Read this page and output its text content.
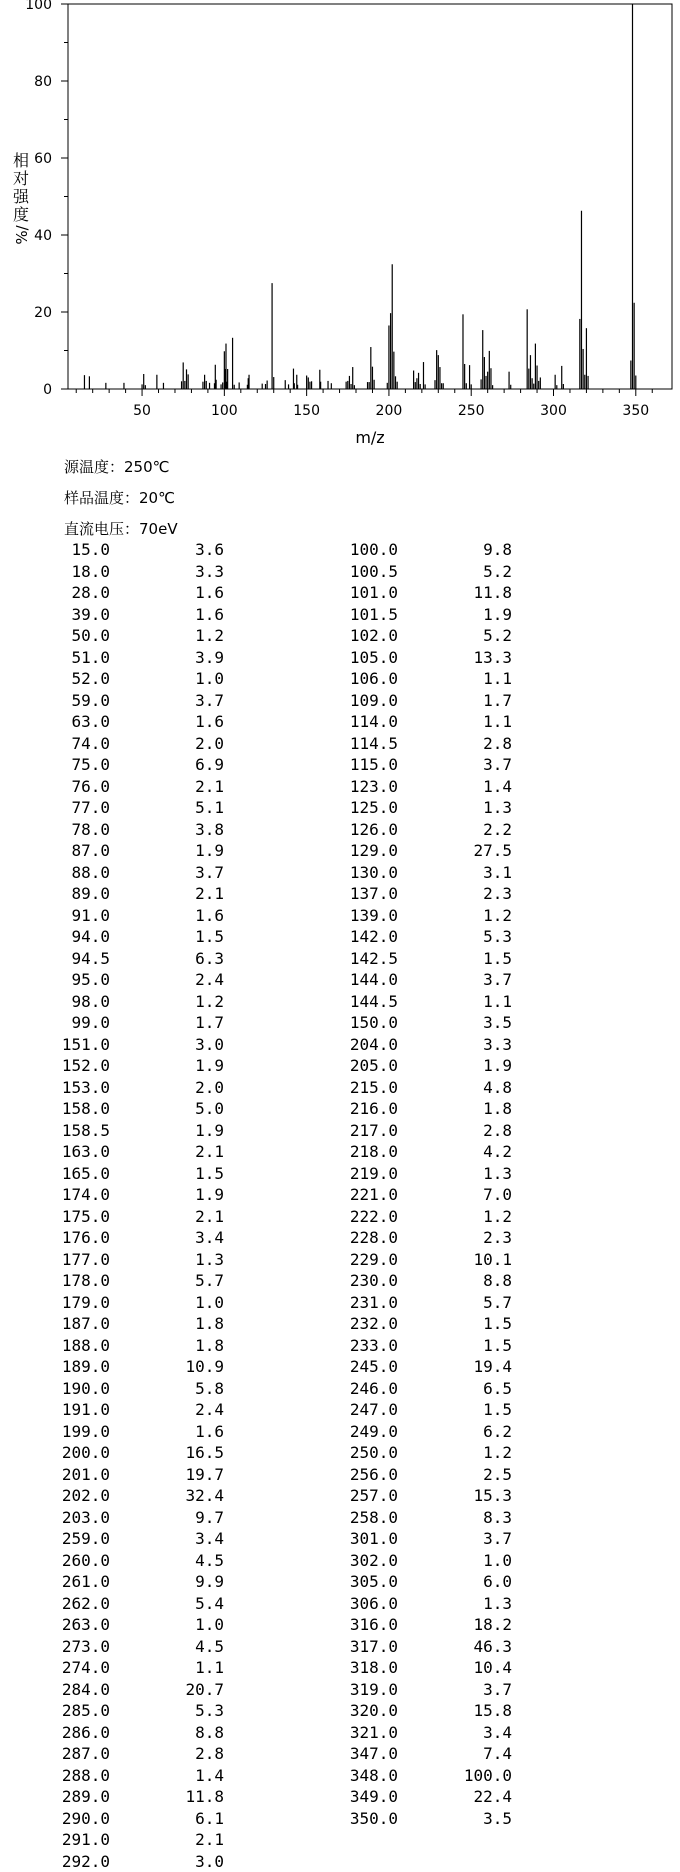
50	100	150	200	250	300	350
0
20
40
60
80
100
m/z
相
对
强
度
%/
源温度：250℃
样品温度：20℃
直流电压：70eV
15.0	3.6
18.0	3.3
28.0	1.6
39.0	1.6
50.0	1.2
51.0	3.9
52.0	1.0
59.0	3.7
63.0	1.6
74.0	2.0
75.0	6.9
76.0	2.1
77.0	5.1
78.0	3.8
87.0	1.9
88.0	3.7
89.0	2.1
91.0	1.6
94.0	1.5
94.5	6.3
95.0	2.4
98.0	1.2
99.0	1.7
151.0	3.0
152.0	1.9
153.0	2.0
158.0	5.0
158.5	1.9
163.0	2.1
165.0	1.5
174.0	1.9
175.0	2.1
176.0	3.4
177.0	1.3
178.0	5.7
179.0	1.0
187.0	1.8
188.0	1.8
189.0	10.9
190.0	5.8
191.0	2.4
199.0	1.6
200.0	16.5
201.0	19.7
202.0	32.4
203.0	9.7
259.0	3.4
260.0	4.5
261.0	9.9
262.0	5.4
263.0	1.0
273.0	4.5
274.0	1.1
284.0	20.7
285.0	5.3
286.0	8.8
287.0	2.8
288.0	1.4
289.0	11.8
290.0	6.1
291.0	2.1
292.0	3.0
100.0	9.8
100.5	5.2
101.0	11.8
101.5	1.9
102.0	5.2
105.0	13.3
106.0	1.1
109.0	1.7
114.0	1.1
114.5	2.8
115.0	3.7
123.0	1.4
125.0	1.3
126.0	2.2
129.0	27.5
130.0	3.1
137.0	2.3
139.0	1.2
142.0	5.3
142.5	1.5
144.0	3.7
144.5	1.1
150.0	3.5
204.0	3.3
205.0	1.9
215.0	4.8
216.0	1.8
217.0	2.8
218.0	4.2
219.0	1.3
221.0	7.0
222.0	1.2
228.0	2.3
229.0	10.1
230.0	8.8
231.0	5.7
232.0	1.5
233.0	1.5
245.0	19.4
246.0	6.5
247.0	1.5
249.0	6.2
250.0	1.2
256.0	2.5
257.0	15.3
258.0	8.3
301.0	3.7
302.0	1.0
305.0	6.0
306.0	1.3
316.0	18.2
317.0	46.3
318.0	10.4
319.0	3.7
320.0	15.8
321.0	3.4
347.0	7.4
348.0	100.0
349.0	22.4
350.0	3.5
